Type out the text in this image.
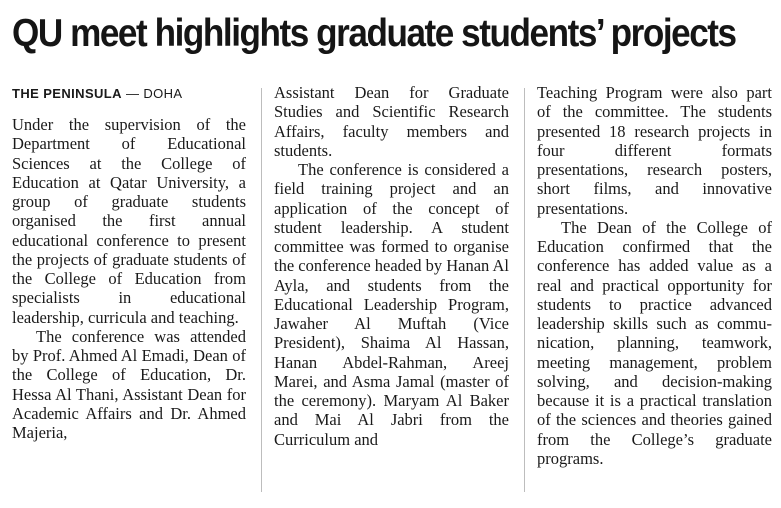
QU meet highlights graduate students’ projects
THE PENINSULA — DOHA

Under the supervision of the Department of Educational Sciences at the College of Education at Qatar University, a group of graduate students organised the first annual educational conference to present the projects of graduate students of the College of Education from specialists in educational leadership, curricula and teaching.

The conference was attended by Prof. Ahmed Al Emadi, Dean of the College of Education, Dr. Hessa Al Thani, Assistant Dean for Academic Affairs and Dr. Ahmed Majeria,

Assistant Dean for Graduate Studies and Scientific Research Affairs, faculty members and students.

The conference is considered a field training project and an application of the concept of student leadership. A student committee was formed to organise the conference headed by Hanan Al Ayla, and students from the Educational Leadership Program, Jawaher Al Muftah (Vice President), Shaima Al Hassan, Hanan Abdel-Rahman, Areej Marei, and Asma Jamal (master of the ceremony). Maryam Al Baker and Mai Al Jabri from the Curriculum and

Teaching Program were also part of the committee. The students presented 18 research projects in four different formats presentations, research posters, short films, and innovative presentations.

The Dean of the College of Education confirmed that the conference has added value as a real and practical opportunity for students to practice advanced leadership skills such as communication, planning, teamwork, meeting management, problem solving, and decision-making because it is a practical translation of the sciences and theories gained from the College’s graduate programs.
